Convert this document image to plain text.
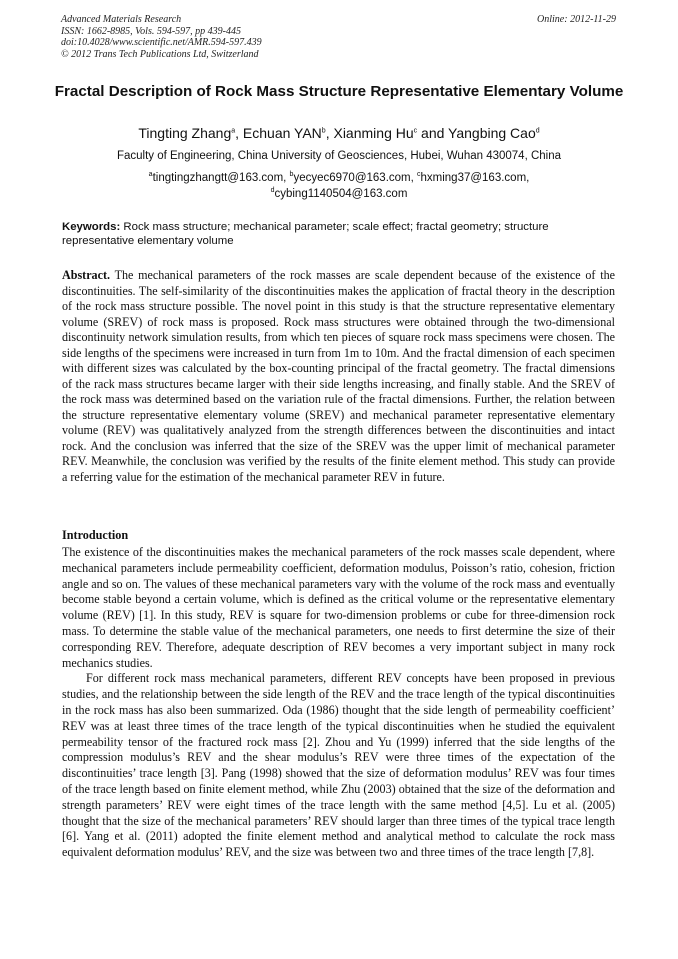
Advanced Materials Research
ISSN: 1662-8985, Vols. 594-597, pp 439-445
doi:10.4028/www.scientific.net/AMR.594-597.439
© 2012 Trans Tech Publications Ltd, Switzerland
Online: 2012-11-29
Fractal Description of Rock Mass Structure Representative Elementary Volume
Tingting Zhang$^a$, Echuan YAN$^b$, Xianming Hu$^c$ and Yangbing Cao$^d$
Faculty of Engineering, China University of Geosciences, Hubei, Wuhan 430074, China
$^a$tingtingzhangtt@163.com, $^b$yecyec6970@163.com, $^c$hxming37@163.com,
$^d$cybing1140504@163.com
Keywords: Rock mass structure; mechanical parameter; scale effect; fractal geometry; structure representative elementary volume
Abstract. The mechanical parameters of the rock masses are scale dependent because of the existence of the discontinuities. The self-similarity of the discontinuities makes the application of fractal theory in the description of the rock mass structure possible. The novel point in this study is that the structure representative elementary volume (SREV) of rock mass is proposed. Rock mass structures were obtained through the two-dimensional discontinuity network simulation results, from which ten pieces of square rock mass specimens were chosen. The side lengths of the specimens were increased in turn from 1m to 10m. And the fractal dimension of each specimen with different sizes was calculated by the box-counting principal of the fractal geometry. The fractal dimensions of the rack mass structures became larger with their side lengths increasing, and finally stable. And the SREV of the rock mass was determined based on the variation rule of the fractal dimensions. Further, the relation between the structure representative elementary volume (SREV) and mechanical parameter representative elementary volume (REV) was qualitatively analyzed from the strength differences between the discontinuities and intact rock. And the conclusion was inferred that the size of the SREV was the upper limit of mechanical parameter REV. Meanwhile, the conclusion was verified by the results of the finite element method. This study can provide a referring value for the estimation of the mechanical parameter REV in future.
Introduction

The existence of the discontinuities makes the mechanical parameters of the rock masses scale dependent, where mechanical parameters include permeability coefficient, deformation modulus, Poisson’s ratio, cohesion, friction angle and so on. The values of these mechanical parameters vary with the volume of the rock mass and eventually become stable beyond a certain volume, which is defined as the critical volume or the representative elementary volume (REV) [1]. In this study, REV is square for two-dimension problems or cube for three-dimension rock mass. To determine the stable value of the mechanical parameters, one needs to first determine the size of their corresponding REV. Therefore, adequate description of REV becomes a very important subject in many rock mechanics studies.

For different rock mass mechanical parameters, different REV concepts have been proposed in previous studies, and the relationship between the side length of the REV and the trace length of the typical discontinuities in the rock mass has also been summarized. Oda (1986) thought that the side length of permeability coefficient’ REV was at least three times of the trace length of the typical discontinuities when he studied the equivalent permeability tensor of the fractured rock mass [2]. Zhou and Yu (1999) inferred that the side lengths of the compression modulus’s REV and the shear modulus’s REV were three times of the expectation of the discontinuities’ trace length [3]. Pang (1998) showed that the size of deformation modulus’ REV was four times of the trace length based on finite element method, while Zhu (2003) obtained that the size of the deformation and strength parameters’ REV were eight times of the trace length with the same method [4,5]. Lu et al. (2005) thought that the size of the mechanical parameters’ REV should larger than three times of the typical trace length [6]. Yang et al. (2011) adopted the finite element method and analytical method to calculate the rock mass equivalent deformation modulus’ REV, and the size was between two and three times of the trace length [7,8].
